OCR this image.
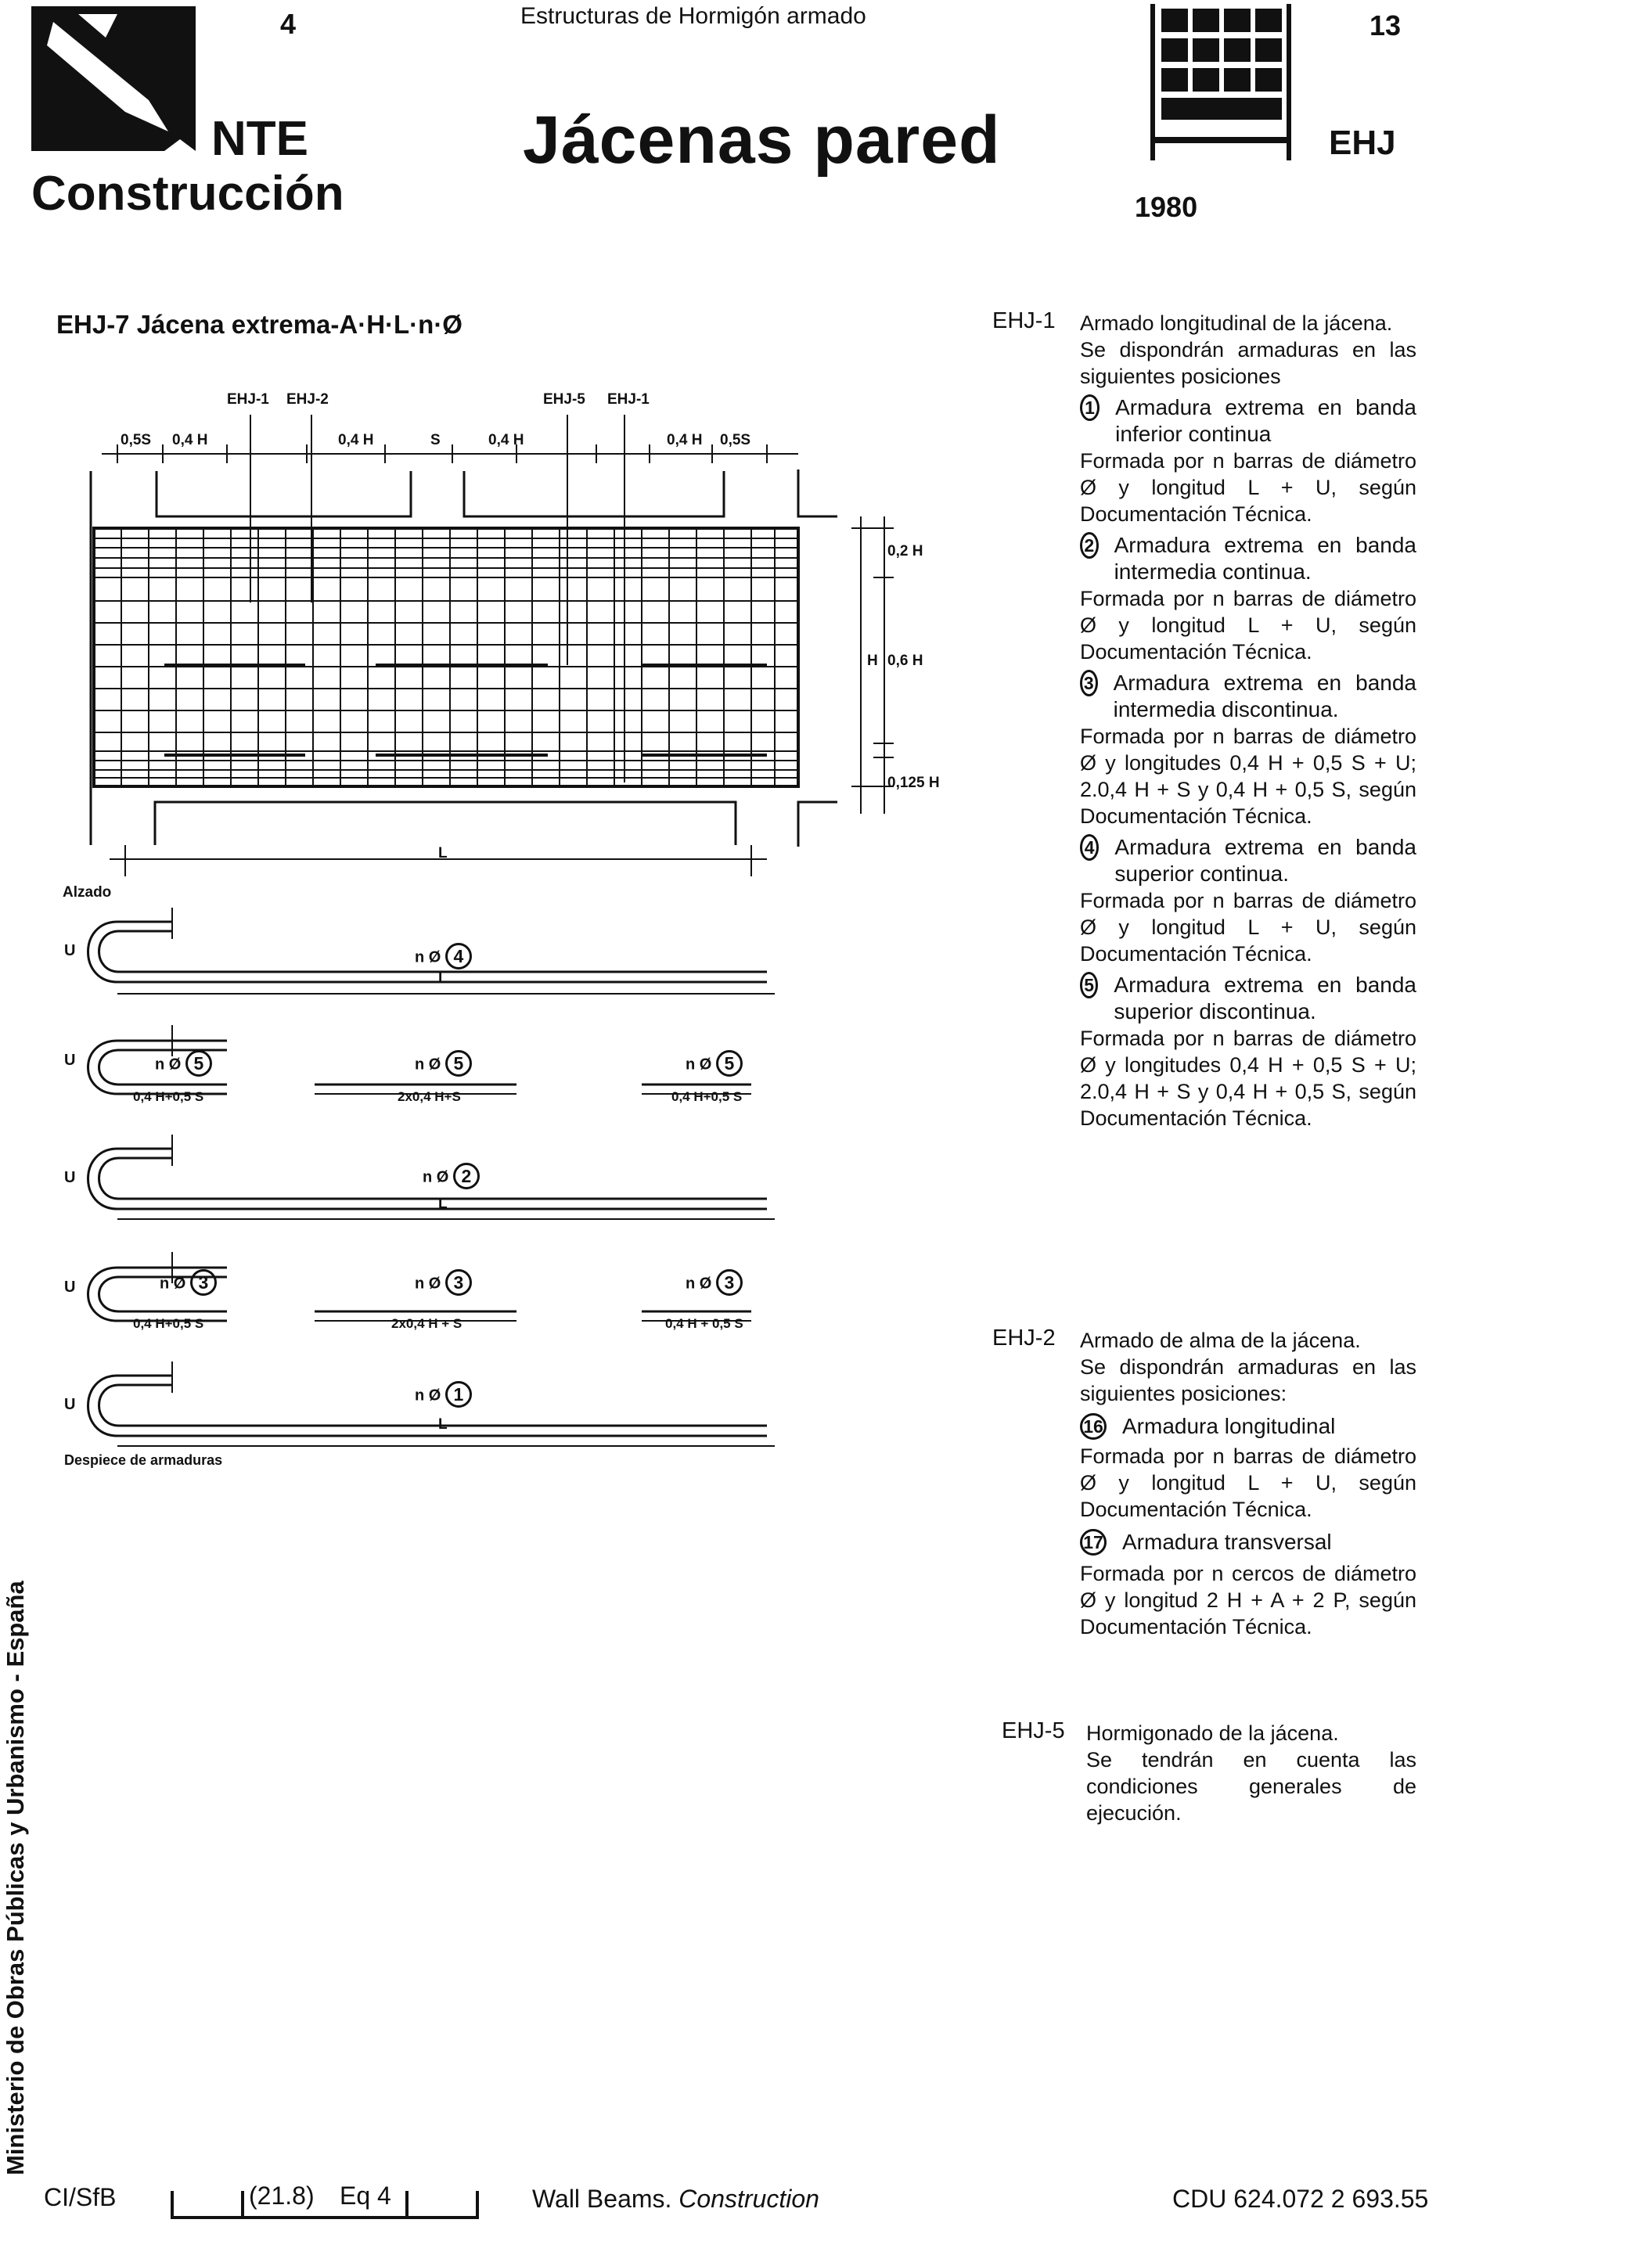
4	Estructuras de Hormigón armado
NTE
Construcción
Jácenas pared
13
EHJ
1980
EHJ-7 Jácena extrema-A·H·L·n·Ø
EHJ-1 EHJ-2	EHJ-5 EHJ-1
0,5S 0,4 H	0,4 H	S	0,4 H	0,4 H 0,5S
0,2 H
H 0,6 H
0,125 H
L
Alzado
U	n Ø 4
L
U	n Ø 5
0,4 H+0,5 S
n Ø 5
2x0,4 H+S
n Ø 5
0,4 H+0,5 S
U	n Ø 2
L
U	n Ø 3
0,4 H+0,5 S
n Ø 3
2x0,4 H + S
n Ø 3
0,4 H + 0,5 S
U
n Ø 1
L
Despiece de armaduras
EHJ-1 Armado longitudinal de la jácena.
Se dispondrán armaduras en las siguientes posiciones
1 Armadura extrema en banda inferior continua
Formada por n barras de diámetro Ø y longitud L + U, según Documentación Técnica.
2 Armadura extrema en banda intermedia continua.
Formada por n barras de diámetro Ø y longitud L + U, según Documentación Técnica.
3 Armadura extrema en banda intermedia discontinua.
Formada por n barras de diámetro Ø y longitudes 0,4 H + 0,5 S + U; 2.0,4 H + S y 0,4 H + 0,5 S, según Documentación Técnica.
4 Armadura extrema en banda superior continua.
Formada por n barras de diámetro Ø y longitud L + U, según Documentación Técnica.
5 Armadura extrema en banda superior discontinua.
Formada por n barras de diámetro Ø y longitudes 0,4 H + 0,5 S + U; 2.0,4 H + S y 0,4 H + 0,5 S, según Documentación Técnica.
EHJ-2 Armado de alma de la jácena.
Se dispondrán armaduras en las siguientes posiciones:
16 Armadura longitudinal
Formada por n barras de diámetro Ø y longitud L + U, según Documentación Técnica.
17 Armadura transversal
Formada por n cercos de diámetro Ø y longitud 2 H + A + 2 P, según Documentación Técnica.
EHJ-5 Hormigonado de la jácena.
Se tendrán en cuenta las condiciones generales de ejecución.
Ministerio de Obras Públicas y Urbanismo - España
CI/SfB	(21.8) Eq 4	Wall Beams. Construction	CDU 624.072 2 693.55
